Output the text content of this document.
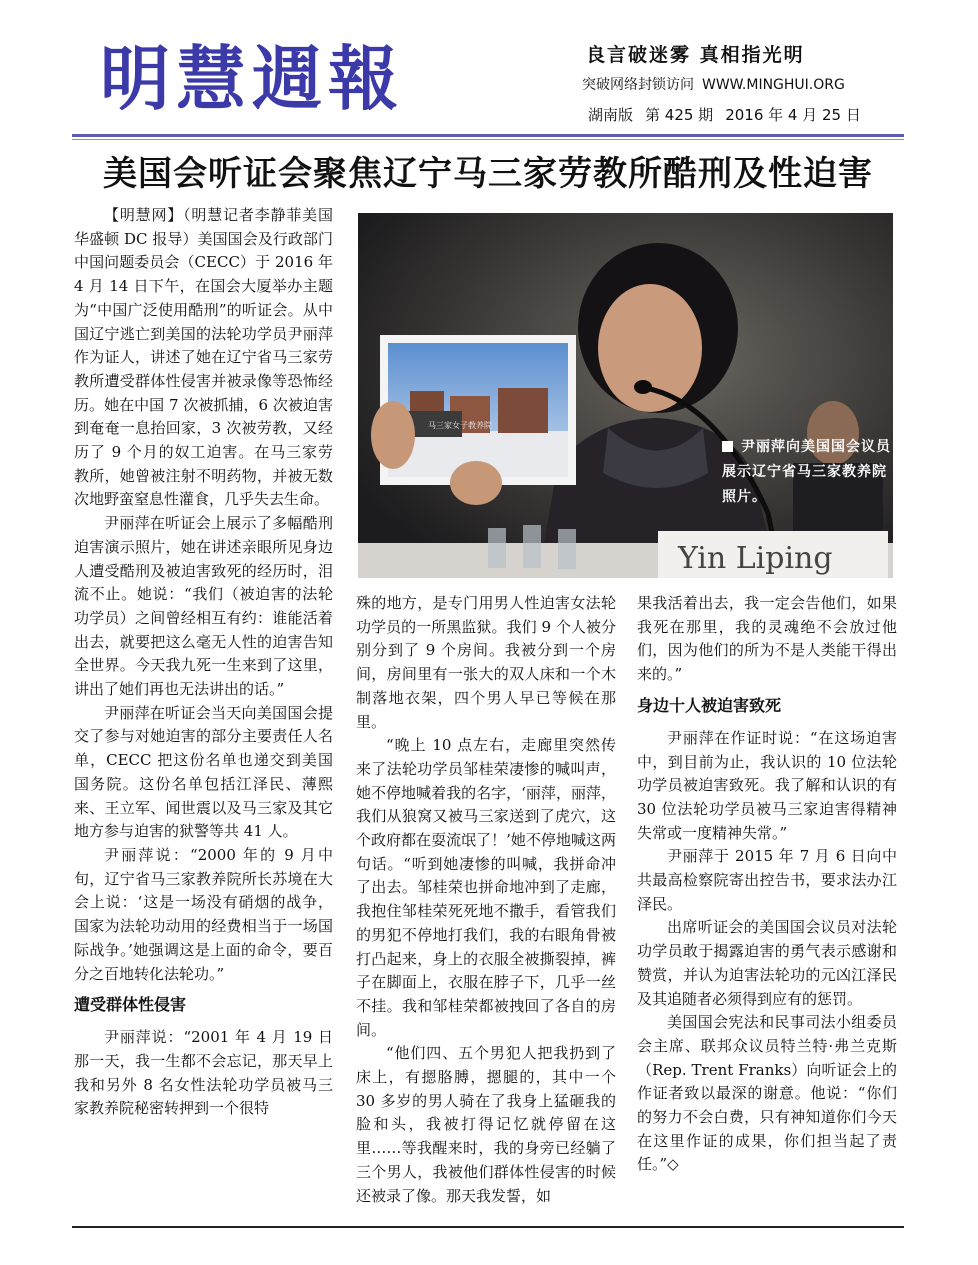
明慧週報	良言破迷雾 真相指光明
突破网络封锁访问 WWW.MINGHUI.ORG
湖南版 第 425 期 2016 年 4 月 25 日
美国会听证会聚焦辽宁马三家劳教所酷刑及性迫害
Yin Liping
马三家女子教养院
尹丽萍向美国国会议员展示辽宁省马三家教养院照片。

【明慧网】（明慧记者李静菲美国华盛顿 DC 报导）美国国会及行政部门中国问题委员会（CECC）于 2016 年 4 月 14 日下午，在国会大厦举办主题为“中国广泛使用酷刑”的听证会。从中国辽宁逃亡到美国的法轮功学员尹丽萍作为证人，讲述了她在辽宁省马三家劳教所遭受群体性侵害并被录像等恐怖经历。她在中国 7 次被抓捕，6 次被迫害到奄奄一息抬回家，3 次被劳教，又经历了 9 个月的奴工迫害。在马三家劳教所，她曾被注射不明药物，并被无数次地野蛮窒息性灌食，几乎失去生命。

尹丽萍在听证会上展示了多幅酷刑迫害演示照片，她在讲述亲眼所见身边人遭受酷刑及被迫害致死的经历时，泪流不止。她说：“我们（被迫害的法轮功学员）之间曾经相互有约：谁能活着出去，就要把这么毫无人性的迫害告知全世界。今天我九死一生来到了这里，讲出了她们再也无法讲出的话。”

尹丽萍在听证会当天向美国国会提交了参与对她迫害的部分主要责任人名单，CECC 把这份名单也递交到美国国务院。这份名单包括江泽民、薄熙来、王立军、闻世震以及马三家及其它地方参与迫害的狱警等共 41 人。

尹丽萍说：“2000 年的 9 月中旬，辽宁省马三家教养院所长苏境在大会上说：‘这是一场没有硝烟的战争，国家为法轮功动用的经费相当于一场国际战争。’她强调这是上面的命令，要百分之百地转化法轮功。”

遭受群体性侵害

尹丽萍说：“2001 年 4 月 19 日那一天，我一生都不会忘记，那天早上我和另外 8 名女性法轮功学员被马三家教养院秘密转押到一个很特

殊的地方，是专门用男人性迫害女法轮功学员的一所黑监狱。我们 9 个人被分别分到了 9 个房间。我被分到一个房间，房间里有一张大的双人床和一个木制落地衣架，四个男人早已等候在那里。

“晚上 10 点左右，走廊里突然传来了法轮功学员邹桂荣凄惨的喊叫声，她不停地喊着我的名字，‘丽萍，丽萍，我们从狼窝又被马三家送到了虎穴，这个政府都在耍流氓了！’她不停地喊这两句话。“听到她凄惨的叫喊，我拼命冲了出去。邹桂荣也拼命地冲到了走廊，我抱住邹桂荣死死地不撒手，看管我们的男犯不停地打我们，我的右眼角骨被打凸起来，身上的衣服全被撕裂掉，裤子在脚面上，衣服在脖子下，几乎一丝不挂。我和邹桂荣都被拽回了各自的房间。

“他们四、五个男犯人把我扔到了床上，有摁胳膊，摁腿的，其中一个 30 多岁的男人骑在了我身上猛砸我的脸和头，我被打得记忆就停留在这里……等我醒来时，我的身旁已经躺了三个男人，我被他们群体性侵害的时候还被录了像。那天我发誓，如

果我活着出去，我一定会告他们，如果我死在那里，我的灵魂绝不会放过他们，因为他们的所为不是人类能干得出来的。”

身边十人被迫害致死

尹丽萍在作证时说：“在这场迫害中，到目前为止，我认识的 10 位法轮功学员被迫害致死。我了解和认识的有 30 位法轮功学员被马三家迫害得精神失常或一度精神失常。”

尹丽萍于 2015 年 7 月 6 日向中共最高检察院寄出控告书，要求法办江泽民。

出席听证会的美国国会议员对法轮功学员敢于揭露迫害的勇气表示感谢和赞赏，并认为迫害法轮功的元凶江泽民及其追随者必须得到应有的惩罚。

美国国会宪法和民事司法小组委员会主席、联邦众议员特兰特·弗兰克斯（Rep. Trent Franks）向听证会上的作证者致以最深的谢意。他说：“你们的努力不会白费，只有神知道你们今天在这里作证的成果，你们担当起了责任。”◇
